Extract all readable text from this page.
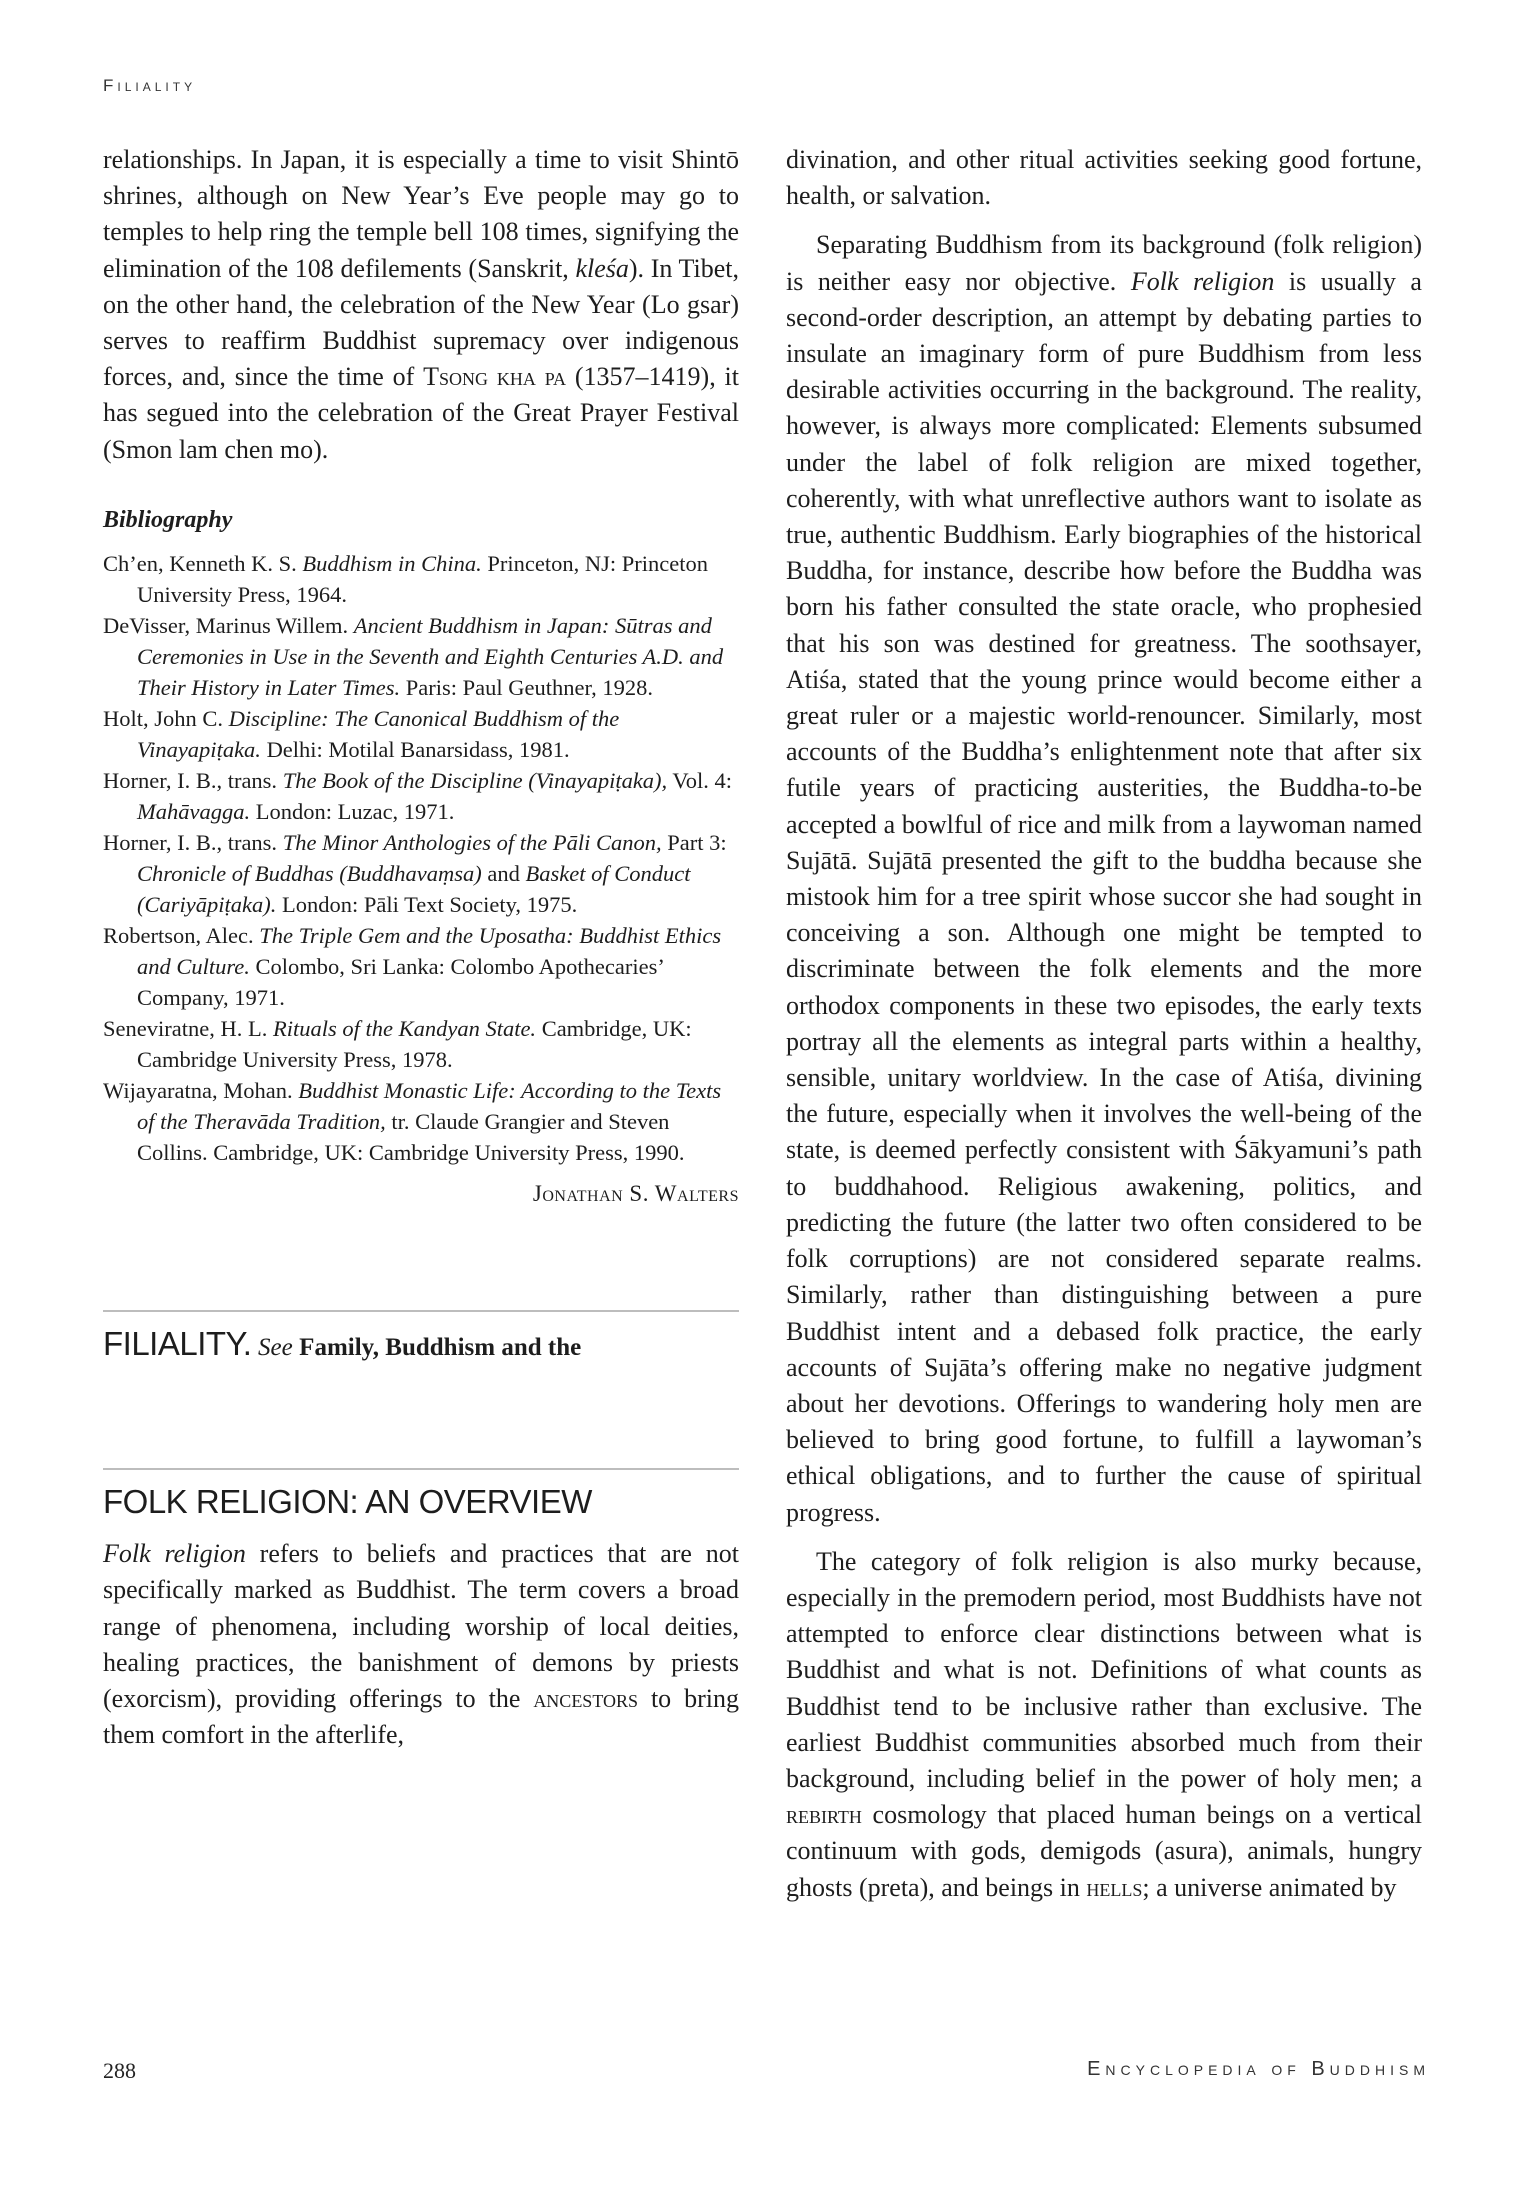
Filiality

relationships. In Japan, it is especially a time to visit Shintō shrines, although on New Year’s Eve people may go to temples to help ring the temple bell 108 times, signifying the elimination of the 108 defilements (Sanskrit, kleśa). In Tibet, on the other hand, the celebration of the New Year (Lo gsar) serves to reaffirm Buddhist supremacy over indigenous forces, and, since the time of Tsong kha pa (1357–1419), it has segued into the celebration of the Great Prayer Festival (Smon lam chen mo).

Bibliography

Ch’en, Kenneth K. S. Buddhism in China. Princeton, NJ: Princeton University Press, 1964.

DeVisser, Marinus Willem. Ancient Buddhism in Japan: Sūtras and Ceremonies in Use in the Seventh and Eighth Centuries A.D. and Their History in Later Times. Paris: Paul Geuthner, 1928.

Holt, John C. Discipline: The Canonical Buddhism of the Vinayapiṭaka. Delhi: Motilal Banarsidass, 1981.

Horner, I. B., trans. The Book of the Discipline (Vinayapiṭaka), Vol. 4: Mahāvagga. London: Luzac, 1971.

Horner, I. B., trans. The Minor Anthologies of the Pāli Canon, Part 3: Chronicle of Buddhas (Buddhavaṃsa) and Basket of Conduct (Cariyāpiṭaka). London: Pāli Text Society, 1975.

Robertson, Alec. The Triple Gem and the Uposatha: Buddhist Ethics and Culture. Colombo, Sri Lanka: Colombo Apothecaries’ Company, 1971.

Seneviratne, H. L. Rituals of the Kandyan State. Cambridge, UK: Cambridge University Press, 1978.

Wijayaratna, Mohan. Buddhist Monastic Life: According to the Texts of the Theravāda Tradition, tr. Claude Grangier and Steven Collins. Cambridge, UK: Cambridge University Press, 1990.

Jonathan S. Walters
FILIALITY. See Family, Buddhism and the
FOLK RELIGION: AN OVERVIEW

Folk religion refers to beliefs and practices that are not specifically marked as Buddhist. The term covers a broad range of phenomena, including worship of local deities, healing practices, the banishment of demons by priests (exorcism), providing offerings to the ancestors to bring them comfort in the afterlife,

divination, and other ritual activities seeking good fortune, health, or salvation.

Separating Buddhism from its background (folk religion) is neither easy nor objective. Folk religion is usually a second-order description, an attempt by debating parties to insulate an imaginary form of pure Buddhism from less desirable activities occurring in the background. The reality, however, is always more complicated: Elements subsumed under the label of folk religion are mixed together, coherently, with what unreflective authors want to isolate as true, authentic Buddhism. Early biographies of the historical Buddha, for instance, describe how before the Buddha was born his father consulted the state oracle, who prophesied that his son was destined for greatness. The soothsayer, Atiśa, stated that the young prince would become either a great ruler or a majestic world-renouncer. Similarly, most accounts of the Buddha’s enlightenment note that after six futile years of practicing austerities, the Buddha-to-be accepted a bowlful of rice and milk from a laywoman named Sujātā. Sujātā presented the gift to the buddha because she mistook him for a tree spirit whose succor she had sought in conceiving a son. Although one might be tempted to discriminate between the folk elements and the more orthodox components in these two episodes, the early texts portray all the elements as integral parts within a healthy, sensible, unitary worldview. In the case of Atiśa, divining the future, especially when it involves the well-being of the state, is deemed perfectly consistent with Śākyamuni’s path to buddhahood. Religious awakening, politics, and predicting the future (the latter two often considered to be folk corruptions) are not considered separate realms. Similarly, rather than distinguishing between a pure Buddhist intent and a debased folk practice, the early accounts of Sujāta’s offering make no negative judgment about her devotions. Offerings to wandering holy men are believed to bring good fortune, to fulfill a laywoman’s ethical obligations, and to further the cause of spiritual progress.

The category of folk religion is also murky because, especially in the premodern period, most Buddhists have not attempted to enforce clear distinctions between what is Buddhist and what is not. Definitions of what counts as Buddhist tend to be inclusive rather than exclusive. The earliest Buddhist communities absorbed much from their background, including belief in the power of holy men; a rebirth cosmology that placed human beings on a vertical continuum with gods, demigods (asura), animals, hungry ghosts (preta), and beings in hells; a universe animated by

288	Encyclopedia of Buddhism
